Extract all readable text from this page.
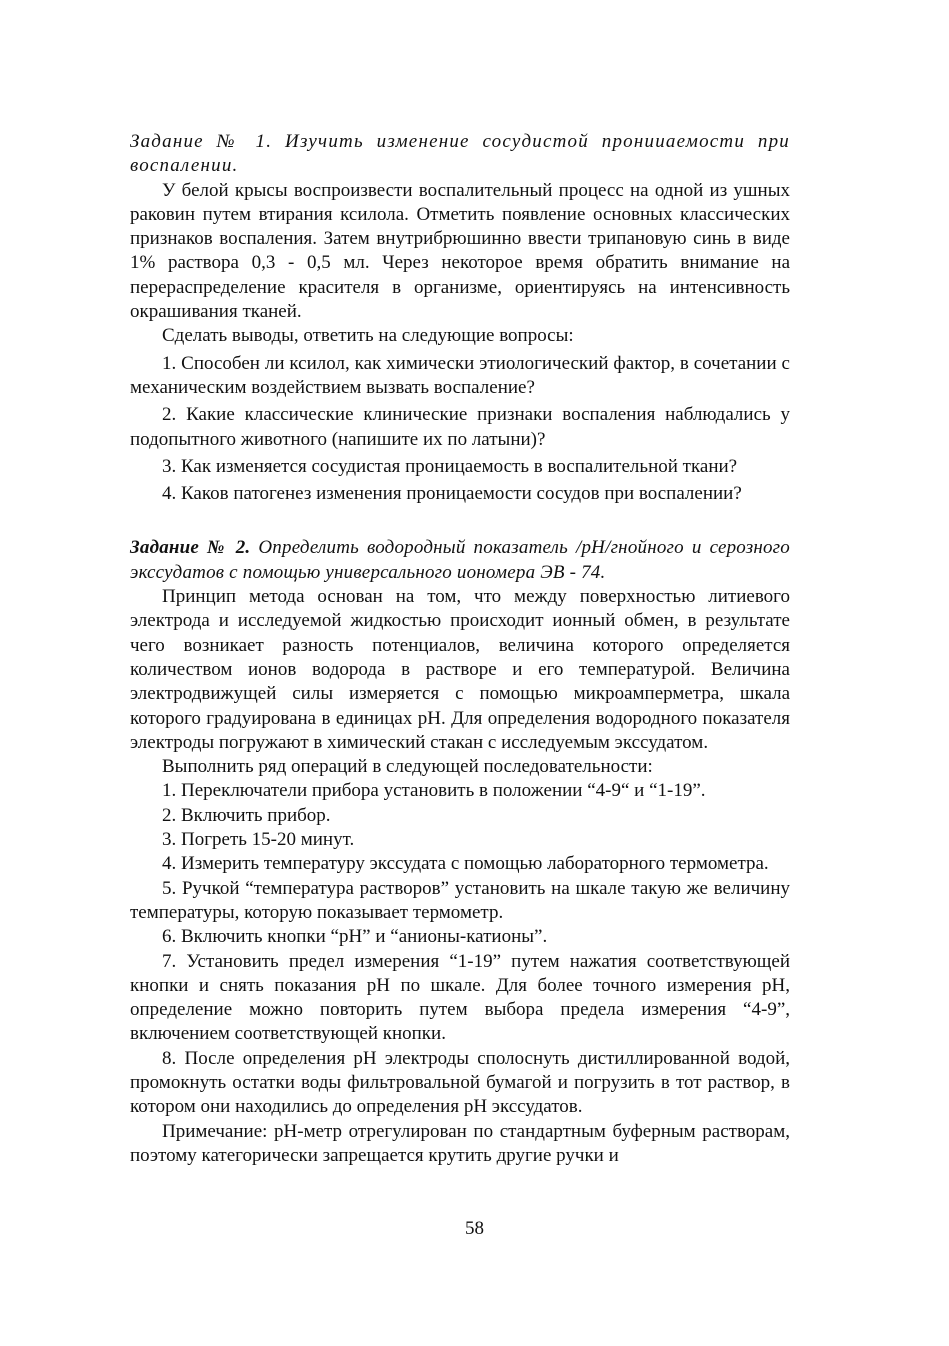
Задание № 1. Изучить изменение сосудистой прониuаемости при воспалении.

У белой крысы воспроизвести воспалительный процесс на одной из ушных раковин путем втирания ксилола. Отметить появление основных классических признаков воспаления. Затем внутрибрюшинно ввести трипановую синь в виде 1% раствора 0,3 - 0,5 мл. Через некоторое время обратить внимание на перераспределение красителя в организме, ориентируясь на интенсивность окрашивания тканей.

Сделать выводы, ответить на следующие вопросы:

1. Способен ли ксилол, как химически этиологический фактор, в сочетании с механическим воздействием вызвать воспаление?

2. Какие классические клинические признаки воспаления наблюдались у подопытного животного (напишите их по латыни)?

3. Как изменяется сосудистая проницаемость в воспалительной ткани?

4. Каков патогенез изменения проницаемости сосудов при воспалении?

Задание № 2. Определить водородный показатель /pH/гнойного и серозного экссудатов с помощью универсального иономера ЭВ - 74.

Принцип метода основан на том, что между поверхностью литиевого электрода и исследуемой жидкостью происходит ионный обмен, в результате чего возникает разность потенциалов, величина которого определяется количеством ионов водорода в растворе и его температурой. Величина электродвижущей силы измеряется с помощью микроамперметра, шкала которого градуирована в единицах pH. Для определения водородного показателя электроды погружают в химический стакан с исследуемым экссудатом.

Выполнить ряд операций в следующей последовательности:

1. Переключатели прибора установить в положении “4-9“ и “1-19”.

2. Включить прибор.

3. Погреть 15-20 минут.

4. Измерить температуру экссудата с помощью лабораторного термометра.

5. Ручкой “температура растворов” установить на шкале такую же величину температуры, которую показывает термометр.

6. Включить кнопки “pH” и “анионы-катионы”.

7. Установить предел измерения “1-19” путем нажатия соответствующей кнопки и снять показания pH по шкале. Для более точного измерения pH, определение можно повторить путем выбора предела измерения “4-9”, включением соответствующей кнопки.

8. После определения pH электроды сполоснуть дистиллированной водой, промокнуть остатки воды фильтровальной бумагой и погрузить в тот раствор, в котором они находились до определения pH экссудатов.

Примечание: pH-метр отрегулирован по стандартным буферным растворам, поэтому категорически запрещается крутить другие ручки и

58
